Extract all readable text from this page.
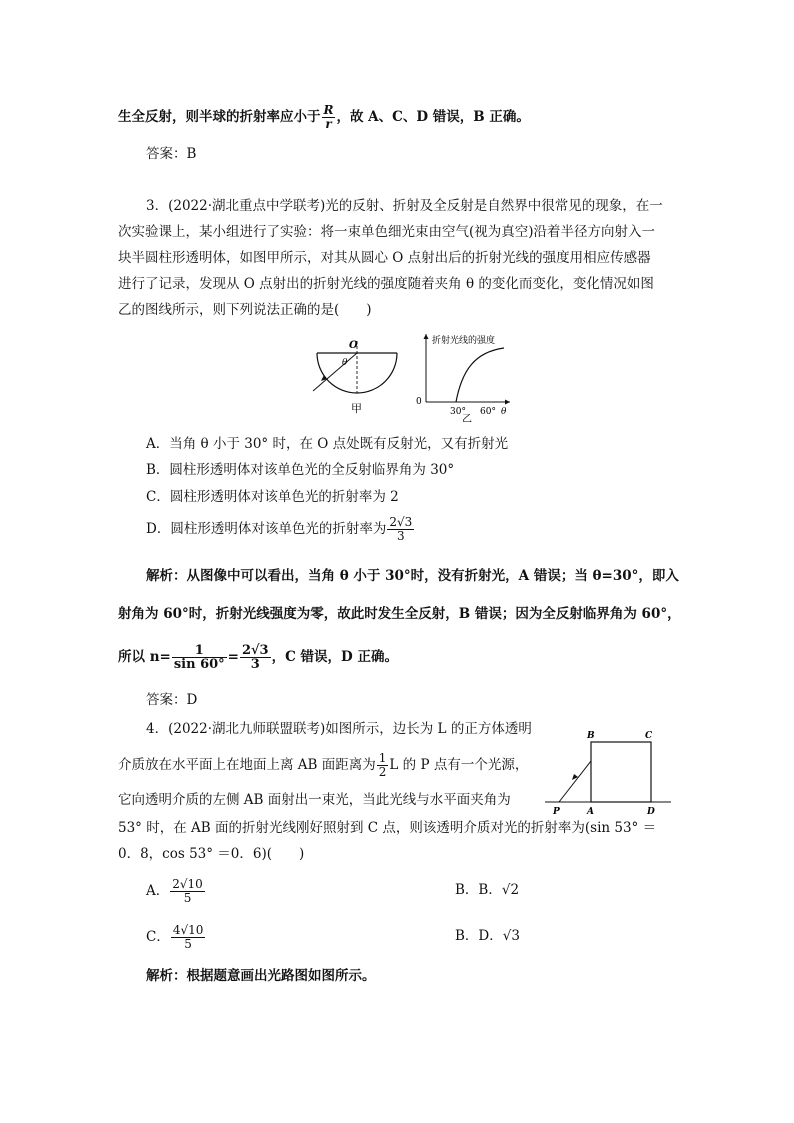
生全反射，则半球的折射率应小于 $\frac{R}{r}$ ，故 A、C、D 错误，B 正确。
答案：B
3．(2022·湖北重点中学联考)光的反射、折射及全反射是自然界中很常见的现象，在一
次实验课上，某小组进行了实验：将一束单色细光束由空气(视为真空)沿着半径方向射入一
块半圆柱形透明体，如图甲所示，对其从圆心 O 点射出后的折射光线的强度用相应传感器
进行了记录，发现从 O 点射出的折射光线的强度随着夹角 θ 的变化而变化，变化情况如图
乙的图线所示，则下列说法正确的是(　　)
O
θ
甲
折射光线的强度
0
30° 60° θ
乙
A．当角 θ 小于 30° 时，在 O 点处既有反射光，又有折射光
B．圆柱形透明体对该单色光的全反射临界角为 30°
C．圆柱形透明体对该单色光的折射率为 2
D．圆柱形透明体对该单色光的折射率为 $\frac{2√3}{3}$
解析：从图像中可以看出，当角 θ 小于 30°时，没有折射光，A 错误；当 θ=30°，即入
射角为 60°时，折射光线强度为零，故此时发生全反射，B 错误；因为全反射临界角为 60°，
所以 $n= \frac{1}{\sin 60^\circ} = \frac{2√3}{3}$ ，C 错误，D 正确。
答案：D
4．(2022·湖北九师联盟联考)如图所示，边长为 L 的正方体透明
介质放在水平面上在地面上离 AB 面距离为 $\frac{1}{2}$ L 的 P 点有一个光源，
它向透明介质的左侧 AB 面射出一束光，当此光线与水平面夹角为
53° 时，在 AB 面的折射光线刚好照射到 C 点，则该透明介质对光的折射率为(sin 53° ＝
0．8，cos 53° ＝0．6)(　　)
B	C
P	A	D
A． $\frac{2√10}{5}$	B．B．√2
C． $\frac{4√10}{5}$	B．D．√3
解析：根据题意画出光路图如图所示。
